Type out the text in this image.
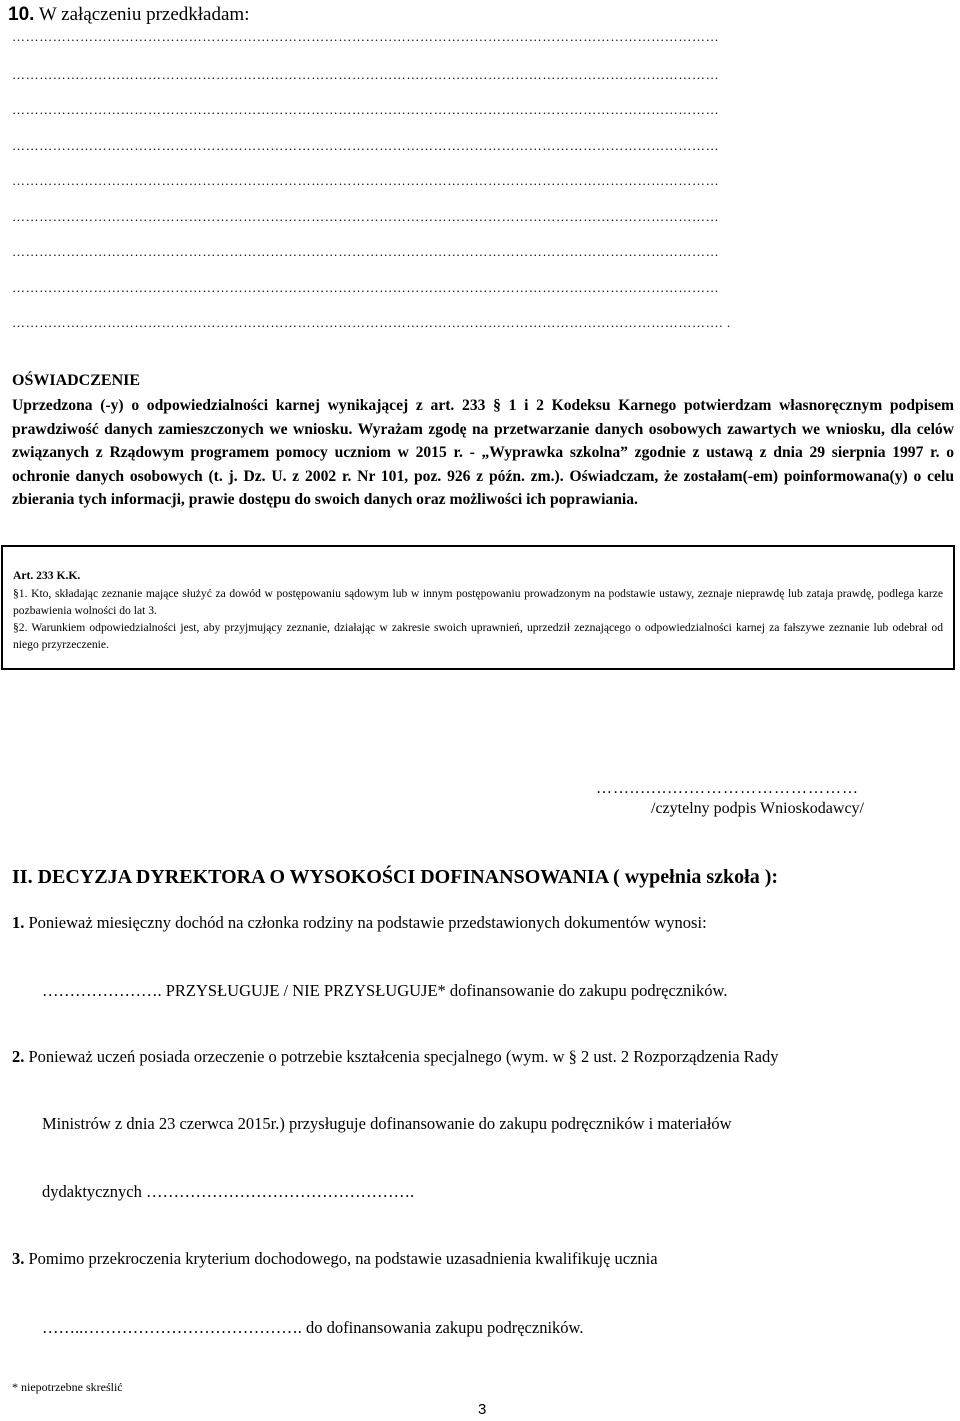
10. W załączeniu przedkładam:
…………………………………………………………………………………………………………………………………………
…………………………………………………………………………………………………………………………………………
…………………………………………………………………………………………………………………………………………
…………………………………………………………………………………………………………………………………………
…………………………………………………………………………………………………………………………………………
…………………………………………………………………………………………………………………………………………
…………………………………………………………………………………………………………………………………………
…………………………………………………………………………………………………………………………………………
…………………………………………………………………………………………………………………………………………. .
OŚWIADCZENIE
Uprzedzona (-y) o odpowiedzialności karnej wynikającej z art. 233 § 1 i 2 Kodeksu Karnego potwierdzam własnoręcznym podpisem prawdziwość danych zamieszczonych we wniosku. Wyrażam zgodę na przetwarzanie danych osobowych zawartych we wniosku, dla celów związanych z Rządowym programem pomocy uczniom w 2015 r. - „Wyprawka szkolna” zgodnie z ustawą z dnia 29 sierpnia 1997 r. o ochronie danych osobowych (t. j. Dz. U. z 2002 r. Nr 101, poz. 926 z późn. zm.). Oświadczam, że zostałam(-em) poinformowana(y) o celu zbierania tych informacji, prawie dostępu do swoich danych oraz możliwości ich poprawiania.

Art. 233 K.K.

§1. Kto, składając zeznanie mające służyć za dowód w postępowaniu sądowym lub w innym postępowaniu prowadzonym na podstawie ustawy, zeznaje nieprawdę lub zataja prawdę, podlega karze pozbawienia wolności do lat 3.

§2. Warunkiem odpowiedzialności jest, aby przyjmujący zeznanie, działając w zakresie swoich uprawnień, uprzedził zeznającego o odpowiedzialności karnej za fałszywe zeznanie lub odebrał od niego przyrzeczenie.

……..…..….…………………………
/czytelny podpis Wnioskodawcy/
II. DECYZJA DYREKTORA O WYSOKOŚCI DOFINANSOWANIA ( wypełnia szkoła ):
1. Ponieważ miesięczny dochód na członka rodziny na podstawie przedstawionych dokumentów wynosi:
…………………. PRZYSŁUGUJE / NIE PRZYSŁUGUJE* dofinansowanie do zakupu podręczników.
2. Ponieważ uczeń posiada orzeczenie o potrzebie kształcenia specjalnego (wym. w § 2 ust. 2 Rozporządzenia Rady
Ministrów z dnia 23 czerwca 2015r.) przysługuje dofinansowanie do zakupu podręczników i materiałów
dydaktycznych ………………………………………….
3. Pomimo przekroczenia kryterium dochodowego, na podstawie uzasadnienia kwalifikuję ucznia
……..…………………………………. do dofinansowania zakupu podręczników.
* niepotrzebne skreślić
3
